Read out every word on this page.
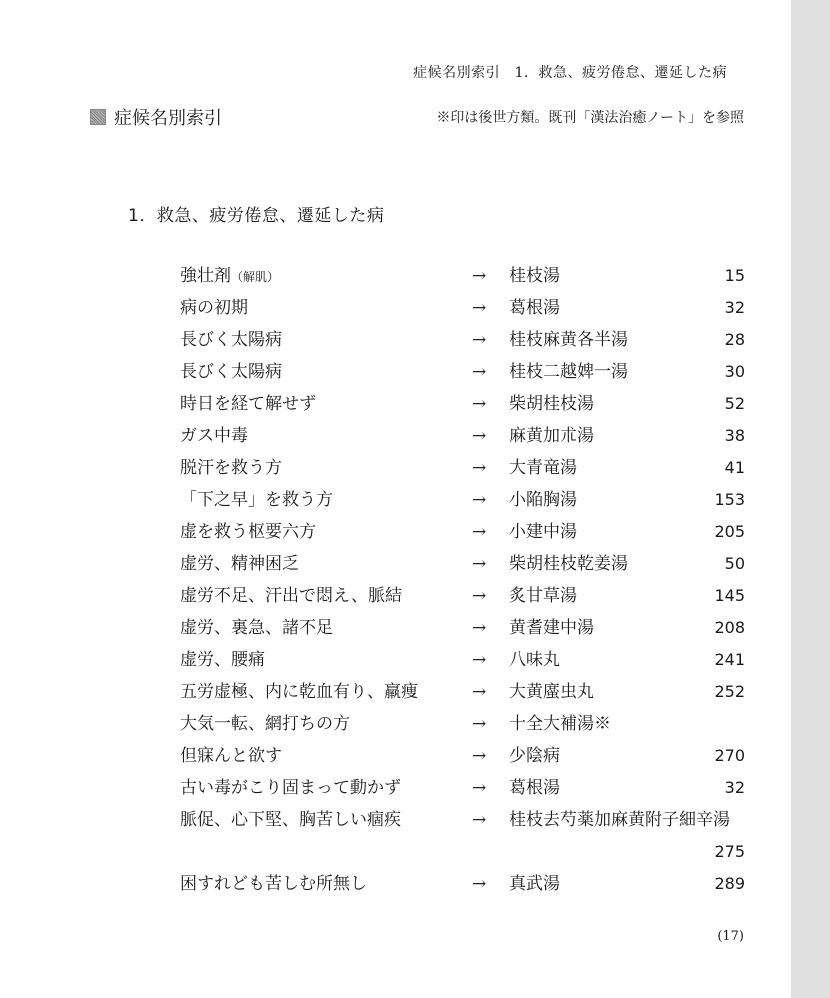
症候名別索引　1．救急、疲労倦怠、遷延した病
症候名別索引	※印は後世方類。既刊「漢法治癒ノート」を参照
1．救急、疲労倦怠、遷延した病
強壮剤（解肌）	→ 桂枝湯	15
病の初期	→ 葛根湯	32
長びく太陽病	→ 桂枝麻黄各半湯	28
長びく太陽病	→ 桂枝二越婢一湯	30
時日を経て解せず	→ 柴胡桂枝湯	52
ガス中毒	→ 麻黄加朮湯	38
脱汗を救う方	→ 大青竜湯	41
「下之早」を救う方	→ 小陥胸湯	153
虚を救う枢要六方	→ 小建中湯	205
虚労、精神困乏	→ 柴胡桂枝乾姜湯	50
虚労不足、汗出で悶え、脈結	→ 炙甘草湯	145
虚労、裏急、諸不足	→ 黄耆建中湯	208
虚労、腰痛	→ 八味丸	241
五労虚極、内に乾血有り、羸痩	→ 大黄䗪虫丸	252
大気一転、網打ちの方	→ 十全大補湯※
但寐んと欲す	→ 少陰病	270
古い毒がこり固まって動かず	→ 葛根湯	32
脈促、心下堅、胸苦しい痼疾	→ 桂枝去芍薬加麻黄附子細辛湯
275
困すれども苦しむ所無し	→ 真武湯	289
(17)
